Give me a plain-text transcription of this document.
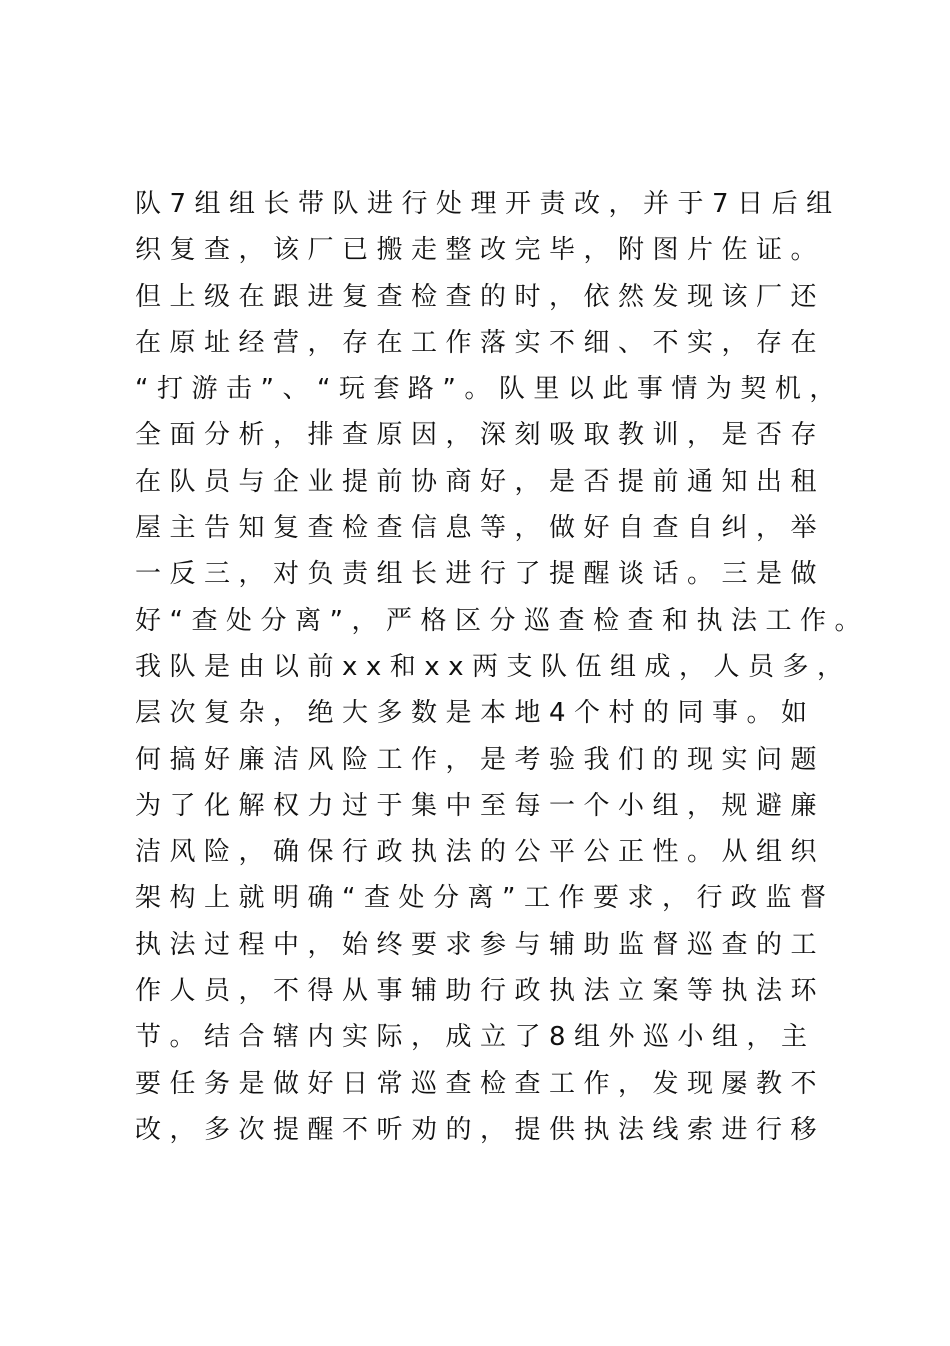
队7组组长带队进行处理开责改，并于7日后组
织复查，该厂已搬走整改完毕，附图片佐证。
但上级在跟进复查检查的时，依然发现该厂还
在原址经营，存在工作落实不细、不实，存在
“打游击”、“玩套路”。队里以此事情为契机，
全面分析，排查原因，深刻吸取教训，是否存
在队员与企业提前协商好，是否提前通知出租
屋主告知复查检查信息等，做好自查自纠，举
一反三，对负责组长进行了提醒谈话。三是做
好“查处分离”，严格区分巡查检查和执法工作。
我队是由以前xx和xx两支队伍组成，人员多，
层次复杂，绝大多数是本地4个村的同事。如
何搞好廉洁风险工作，是考验我们的现实问题
为了化解权力过于集中至每一个小组，规避廉
洁风险，确保行政执法的公平公正性。从组织
架构上就明确“查处分离”工作要求，行政监督
执法过程中，始终要求参与辅助监督巡查的工
作人员，不得从事辅助行政执法立案等执法环
节。结合辖内实际，成立了8组外巡小组，主
要任务是做好日常巡查检查工作，发现屡教不
改，多次提醒不听劝的，提供执法线索进行移
